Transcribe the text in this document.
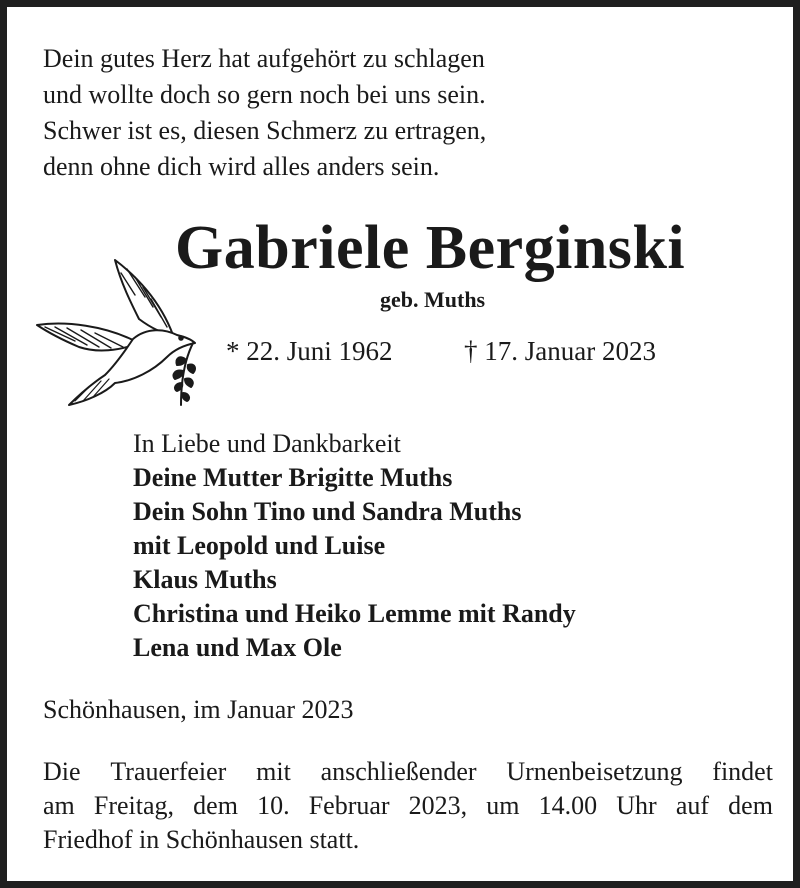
Dein gutes Herz hat aufgehört zu schlagen
und wollte doch so gern noch bei uns sein.
Schwer ist es, diesen Schmerz zu ertragen,
denn ohne dich wird alles anders sein.
Gabriele Berginski
geb. Muths
* 22. Juni 1962	† 17. Januar 2023
In Liebe und Dankbarkeit
Deine Mutter Brigitte Muths
Dein Sohn Tino und Sandra Muths
mit Leopold und Luise
Klaus Muths
Christina und Heiko Lemme mit Randy
Lena und Max Ole
Schönhausen, im Januar 2023
Die Trauerfeier mit anschließender Urnenbeisetzung findet
am Freitag, dem 10. Februar 2023, um 14.00 Uhr auf dem
Friedhof in Schönhausen statt.
